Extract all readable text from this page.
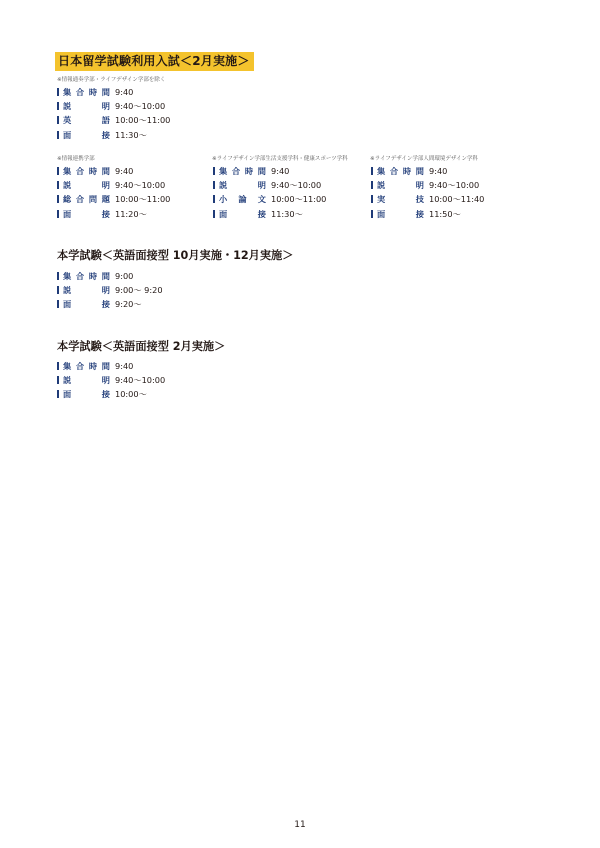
日本留学試験利用入試＜2月実施＞
※情報通奏学部・ライフデザイン学部を除く
集 合 時 間 9:40
説	明 9:40～10:00
英	語 10:00～11:00
面	接 11:30～
※情報連携学部	※ライフデザイン学部生活支援学科・健康スポーツ学科	※ライフデザイン学部人間環境デザイン学科
集 合 時 間 9:40
説	明 9:40～10:00
総 合 問 題 10:00～11:00
面	接 11:20～
集 合 時 間 9:40
説	明 9:40～10:00
小 論 文 10:00～11:00
面	接 11:30～
集 合 時 間 9:40
説	明 9:40～10:00
実	技 10:00～11:40
面	接 11:50～
本学試験＜英語面接型 10月実施・12月実施＞
集 合 時 間 9:00
説	明 9:00～ 9:20
面	接 9:20～
本学試験＜英語面接型 2月実施＞
集 合 時 間 9:40
説	明 9:40～10:00
面	接 10:00～
11
